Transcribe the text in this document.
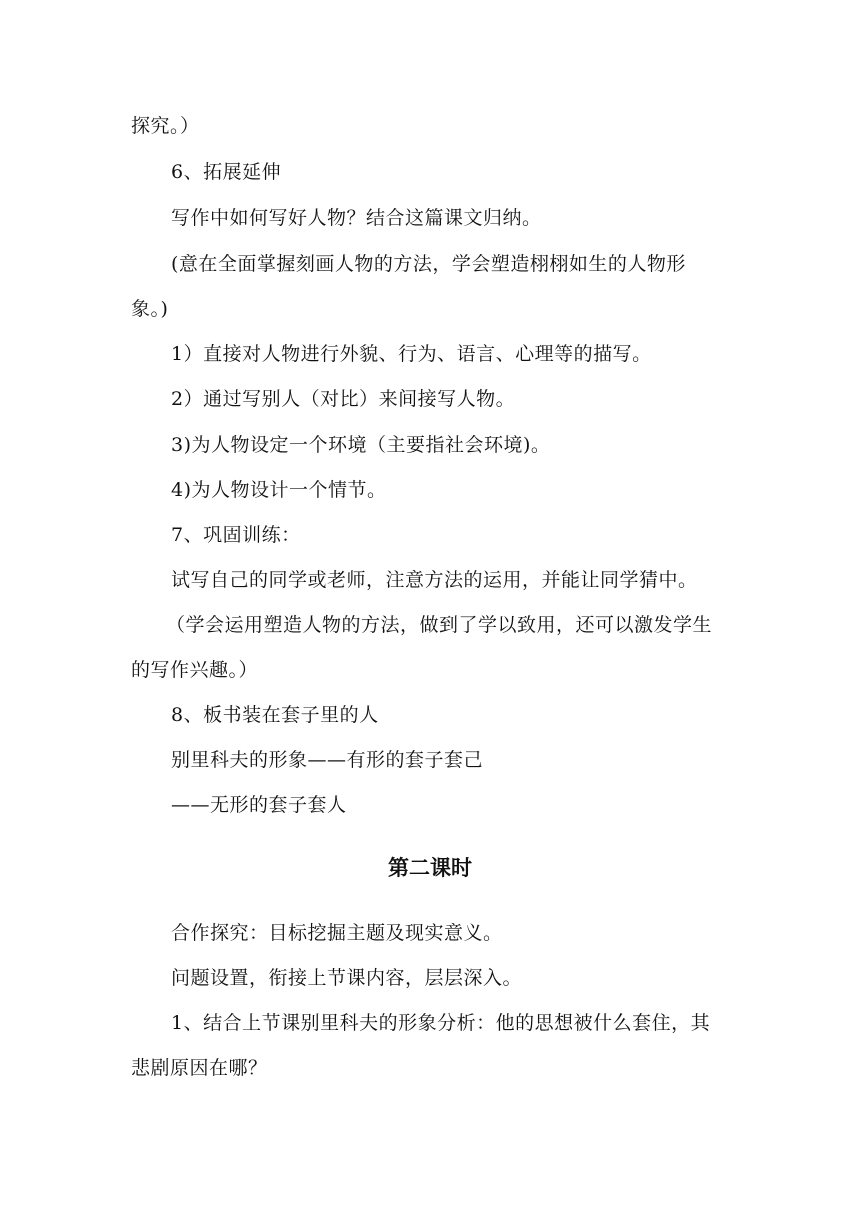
探究。）
6、拓展延伸
写作中如何写好人物？结合这篇课文归纳。
(意在全面掌握刻画人物的方法，学会塑造栩栩如生的人物形
象。)
1）直接对人物进行外貌、行为、语言、心理等的描写。
2）通过写别人（对比）来间接写人物。
3)为人物设定一个环境（主要指社会环境)。
4)为人物设计一个情节。
7、巩固训练：
试写自己的同学或老师，注意方法的运用，并能让同学猜中。
（学会运用塑造人物的方法，做到了学以致用，还可以激发学生
的写作兴趣。）
8、板书装在套子里的人
别里科夫的形象——有形的套子套己
——无形的套子套人
第二课时
合作探究：目标挖掘主题及现实意义。
问题设置，衔接上节课内容，层层深入。
1、结合上节课别里科夫的形象分析：他的思想被什么套住，其
悲剧原因在哪？
